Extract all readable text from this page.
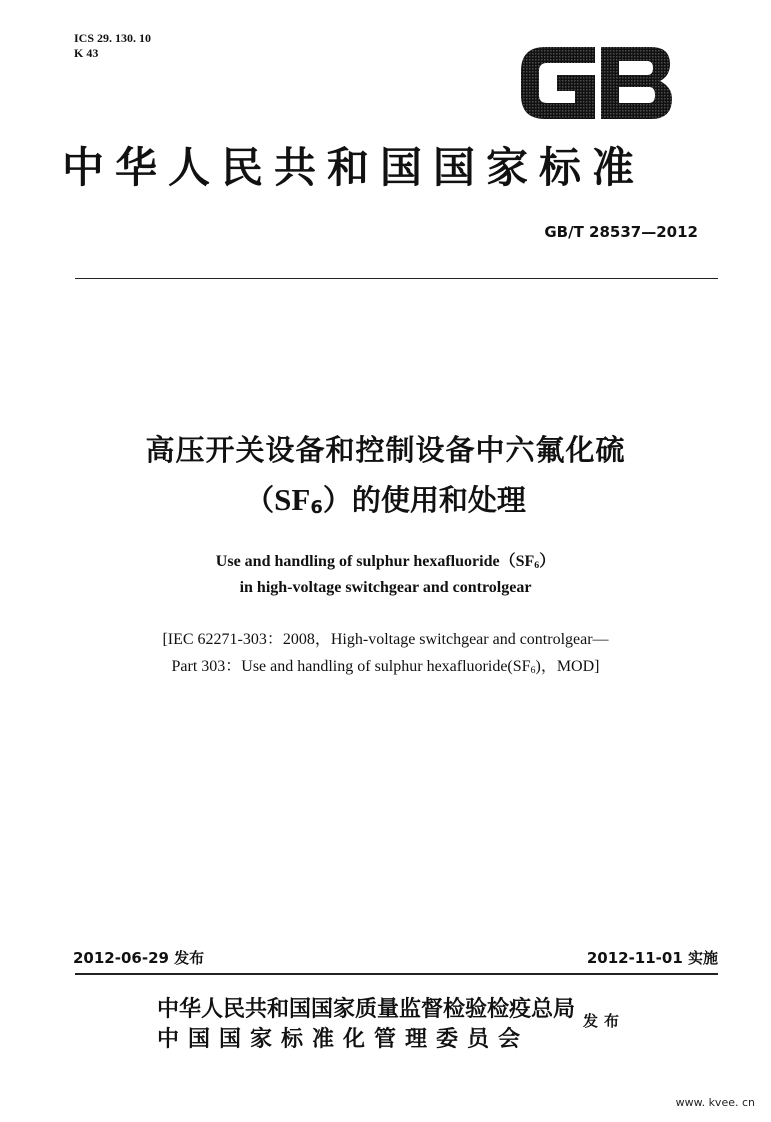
ICS 29. 130. 10
K 43
中华人民共和国国家标准
GB/T 28537—2012
高压开关设备和控制设备中六氟化硫
$(SF_6)$的使用和处理
Use and handling of sulphur $hexafluoride(SF_6)$
in high-voltage switchgear and controlgear
[IEC 62271-303：2008，High-voltage switchgear and controlgear—
Part 303：Use and handling of sulphur $hexafluoride(SF_6)$，MOD]
2012-06-29 发布	2012-11-01 实施
中华人民共和国国家质量监督检验检疫总局
中国国家标准化管理委员会
发布
www. kvee. cn
